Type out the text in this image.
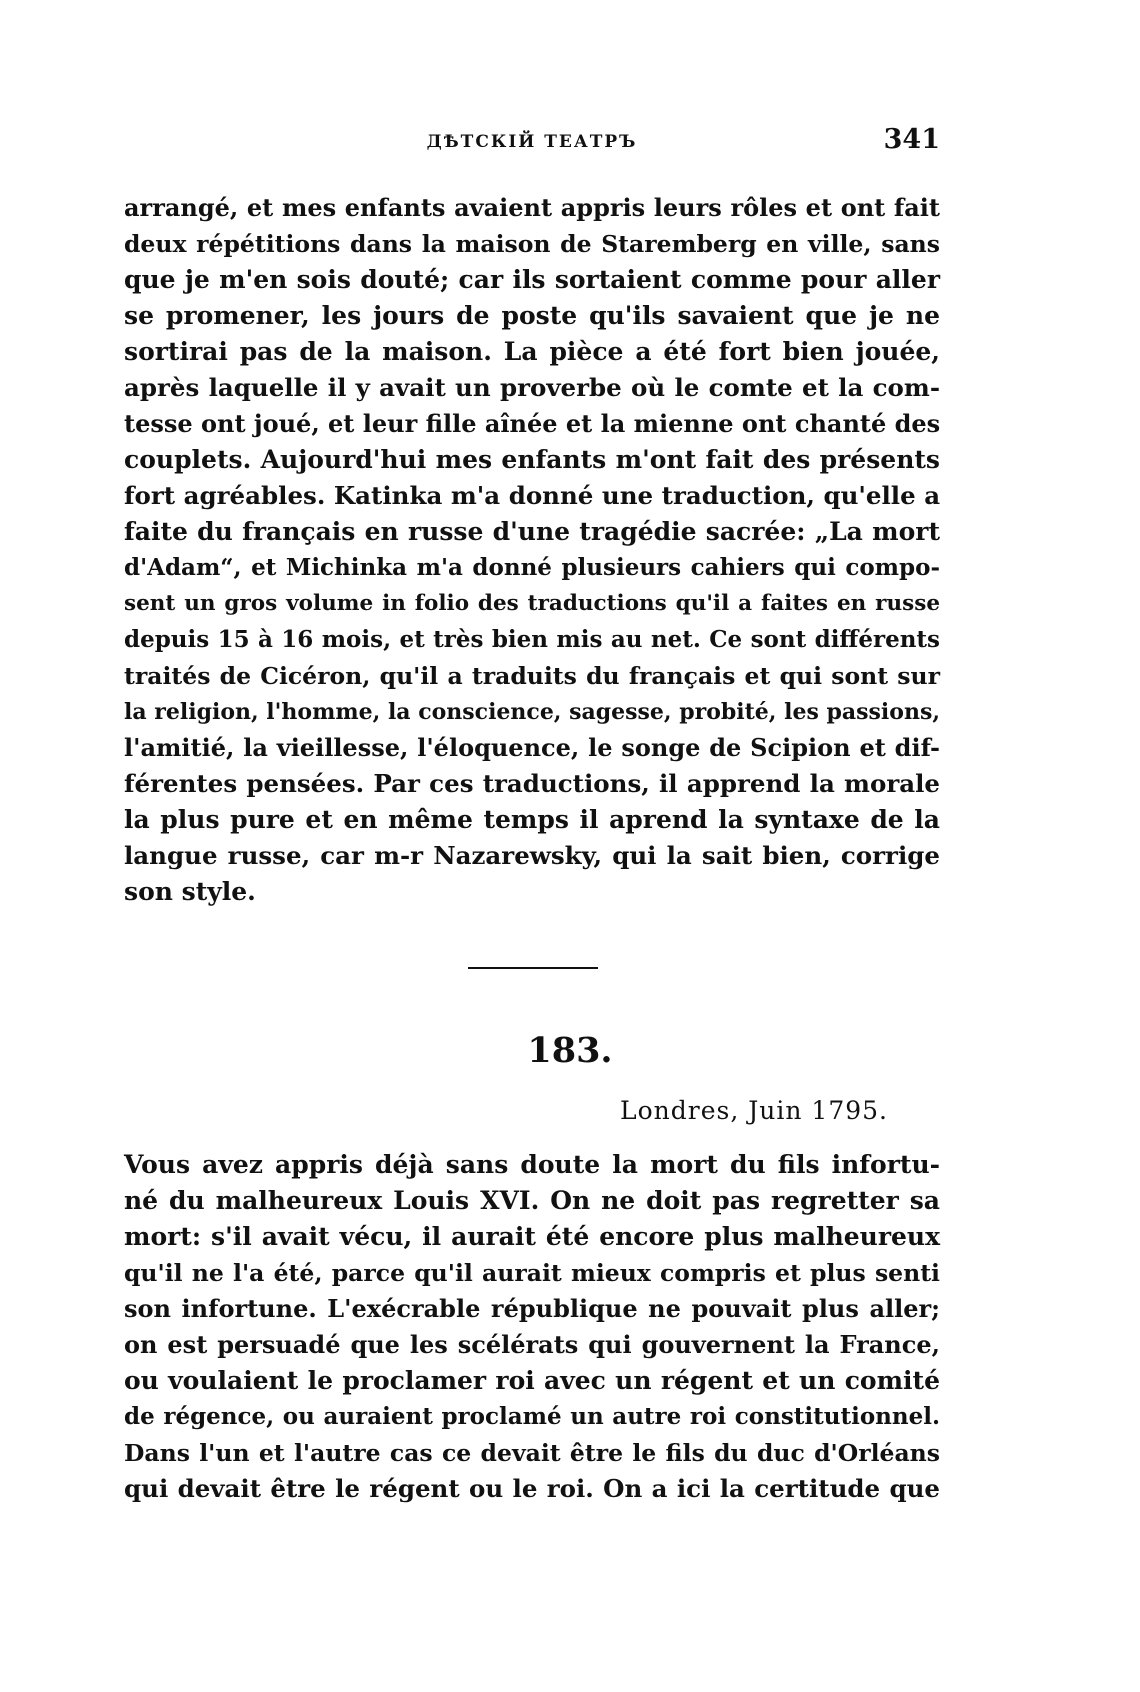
ДѢТСКІЙ ТЕАТРЪ	341
arrangé, et mes enfants avaient appris leurs rôles et ont fait
deux répétitions dans la maison de Staremberg en ville, sans
que je m'en sois douté; car ils sortaient comme pour aller
se promener, les jours de poste qu'ils savaient que je ne
sortirai pas de la maison. La pièce a été fort bien jouée,
après laquelle il y avait un proverbe où le comte et la com-
tesse ont joué, et leur fille aînée et la mienne ont chanté des
couplets. Aujourd'hui mes enfants m'ont fait des présents
fort agréables. Katinka m'a donné une traduction, qu'elle a
faite du français en russe d'une tragédie sacrée: „La mort
d'Adam“, et Michinka m'a donné plusieurs cahiers qui compo-
sent un gros volume in folio des traductions qu'il a faites en russe
depuis 15 à 16 mois, et très bien mis au net. Ce sont différents
traités de Cicéron, qu'il a traduits du français et qui sont sur
la religion, l'homme, la conscience, sagesse, probité, les passions,
l'amitié, la vieillesse, l'éloquence, le songe de Scipion et dif-
férentes pensées. Par ces traductions, il apprend la morale
la plus pure et en même temps il aprend la syntaxe de la
langue russe, car m-r Nazarewsky, qui la sait bien, corrige
son style.
183.
Londres, Juin 1795.
Vous avez appris déjà sans doute la mort du fils infortu-
né du malheureux Louis XVI. On ne doit pas regretter sa
mort: s'il avait vécu, il aurait été encore plus malheureux
qu'il ne l'a été, parce qu'il aurait mieux compris et plus senti
son infortune. L'exécrable république ne pouvait plus aller;
on est persuadé que les scélérats qui gouvernent la France,
ou voulaient le proclamer roi avec un régent et un comité
de régence, ou auraient proclamé un autre roi constitutionnel.
Dans l'un et l'autre cas ce devait être le fils du duc d'Orléans
qui devait être le régent ou le roi. On a ici la certitude que
